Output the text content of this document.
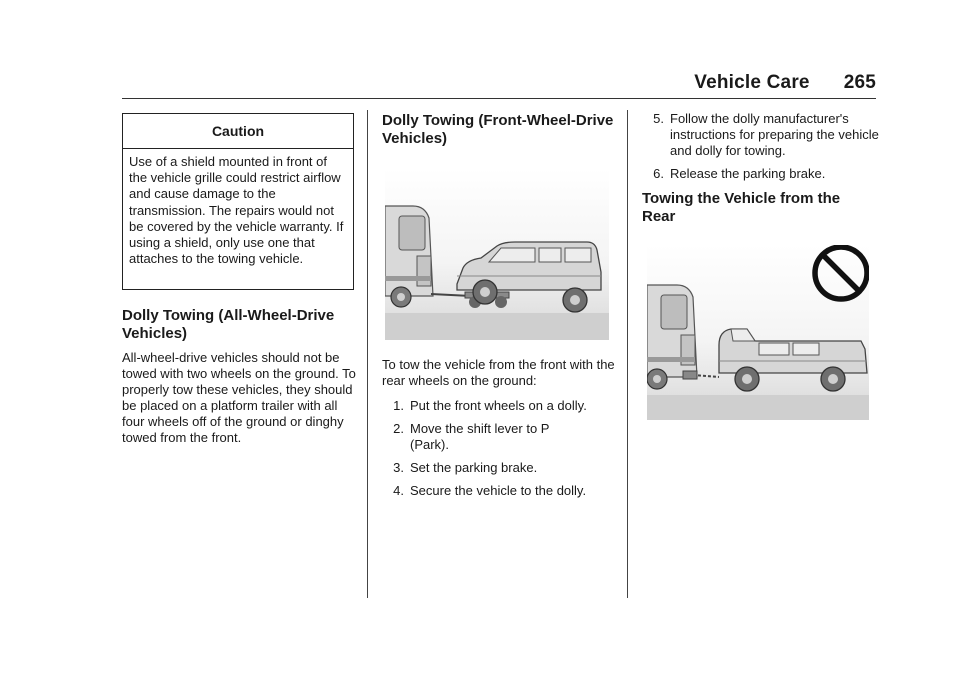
Vehicle Care 265
Caution
Use of a shield mounted in front of the vehicle grille could restrict airflow and cause damage to the transmission. The repairs would not be covered by the vehicle warranty. If using a shield, only use one that attaches to the towing vehicle.
Dolly Towing (All-Wheel-Drive Vehicles)
All-wheel-drive vehicles should not be towed with two wheels on the ground. To properly tow these vehicles, they should be placed on a platform trailer with all four wheels off of the ground or dinghy towed from the front.
Dolly Towing (Front-Wheel-Drive Vehicles)
To tow the vehicle from the front with the rear wheels on the ground:
1. Put the front wheels on a dolly.
2. Move the shift lever to P (Park).
3. Set the parking brake.
4. Secure the vehicle to the dolly.
5. Follow the dolly manufacturer's instructions for preparing the vehicle and dolly for towing.
6. Release the parking brake.
Towing the Vehicle from the Rear
